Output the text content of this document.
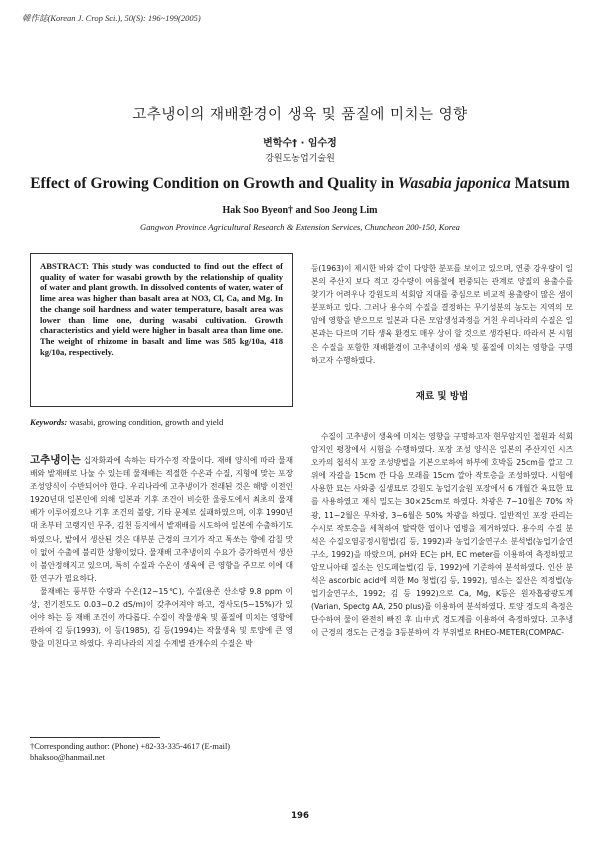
韓作誌(Korean J. Crop Sci.), 50(S): 196~199(2005)
고추냉이의 재배환경이 생육 및 품질에 미치는 영향
변학수† · 임수정
강원도농업기술원
Effect of Growing Condition on Growth and Quality in Wasabia japonica Matsum
Hak Soo Byeon† and Soo Jeong Lim
Gangwon Province Agricultural Research & Extension Services, Chuncheon 200-150, Korea
ABSTRACT: This study was conducted to find out the effect of quality of water for wasabi growth by the relationship of quality of water and plant growth. In dissolved contents of water, water of lime area was higher than basalt area at NO3, Cl, Ca, and Mg. In the change soil hardness and water temperature, basalt area was lower than lime one, during wasabi cultivation. Growth characteristics and yield were higher in basalt area than lime one. The weight of rhizome in basalt and lime was 585 kg/10a, 418 kg/10a, respectively.
Keywords: wasabi, growing condition, growth and yield

고추냉이는 십자화과에 속하는 타가수정 작물이다. 재배 양식에 따라 물재배와 밭재배로 나눌 수 있는데 물재배는 적절한 수온과 수질, 지형에 맞는 포장 조성양식이 수반되어야 한다. 우리나라에 고추냉이가 전래된 것은 해방 이전인 1920년대 일본인에 의해 일본과 기후 조건이 비슷한 울릉도에서 최초의 물재배가 이루어졌으나 기후 조건의 불량, 기타 문제로 실패하였으며, 이후 1990년대 초부터 고랭지인 무주, 김천 등지에서 밭재배를 시도하여 일본에 수출하기도 하였으나, 밭에서 생산된 것은 대부분 근경의 크기가 작고 톡쏘는 향에 감칠 맛이 없어 수출에 불리한 상황이었다. 물재배 고추냉이의 수요가 증가하면서 생산이 불안정해지고 있으며, 특히 수질과 수온이 생육에 큰 영향을 주므로 이에 대한 연구가 필요하다.

물재배는 풍부한 수량과 수온(12~15℃), 수질(용존 산소량 9.8 ppm 이상, 전기전도도 0.03~0.2 dS/m)이 갖추어져야 하고, 경사도(5~15%)가 있어야 하는 등 재배 조건이 까다롭다. 수질이 작물생육 및 품질에 미치는 영향에 관하여 김 등(1993), 이 등(1985), 김 등(1994)는 작물생육 및 토양에 큰 영향을 미친다고 하였다. 우리나라의 지질 수계별 관개수의 수질은 박

등(1963)이 제시한 바와 같이 다양한 분포를 보이고 있으며, 연중 강우량이 일본의 주산지 보다 적고 강수량이 여름철에 편중되는 관계로 양질의 용출수를 찾기가 어려우나 강원도의 석회암 지대를 중심으로 비교적 용출량이 많은 샘이 분포하고 있다. 그러나 용수의 수질을 결정하는 무기성분의 농도는 지역의 모암에 영향을 받으므로 일본과 다른 모암생성과정을 거친 우리나라의 수질은 일본과는 다르며 기타 생육 환경도 매우 상이 할 것으로 생각된다. 따라서 본 시험은 수질을 포함한 재배환경이 고추냉이의 생육 및 품질에 미치는 영향을 구명하고자 수행하였다.

재료 및 방법

수질이 고추냉이 생육에 미치는 영향을 구명하고자 현무암지인 철원과 석회암지인 평창에서 시험을 수행하였다. 포장 조성 양식은 일본의 주산지인 시즈오카의 첩석식 포장 조성방법을 기본으로하여 하부에 호박돌 25cm를 깔고 그 위에 자갈을 15cm 깐 다음 모래를 15cm 깔아 작토층을 조성하였다. 시험에 사용한 묘는 사와중 실생묘로 강원도 농업기술원 포장에서 6 개월간 육묘한 묘를 사용하였고 재식 밀도는 30×25cm로 하였다. 차광은 7~10월은 70% 차광, 11~2월은 무차광, 3~6월은 50% 차광을 하였다. 일반적인 포장 관리는 수시로 작토층을 세척하여 탈락한 엽이나 엽병을 제거하였다. 용수의 수질 분석은 수질오염공정시험법(김 등, 1992)과 농업기술연구소 분석법(농업기술연구소, 1992)을 따랐으며, pH와 EC는 pH, EC meter를 이용하여 측정하였고 암모니아태 질소는 인도페놀법(김 등, 1992)에 기준하여 분석하였다. 인산 분석은 ascorbic acid에 의한 Mo 청법(김 등, 1992), 염소는 질산은 적정법(농업기술연구소, 1992; 김 등 1992)으로 Ca, Mg, K등은 원자흡광광도계(Varian, Spectg AA, 250 plus)를 이용하여 분석하였다. 토양 경도의 측정은 단수하여 물이 완전히 빠진 후 山中式 경도계를 이용하여 측정하였다. 고추냉이 근경의 경도는 근경을 3등분하여 각 부위별로 RHEO-METER(COMPAC-

†Corresponding author: (Phone) +82-33-335-4617 (E-mail) bhaksoo@hanmail.net
196
